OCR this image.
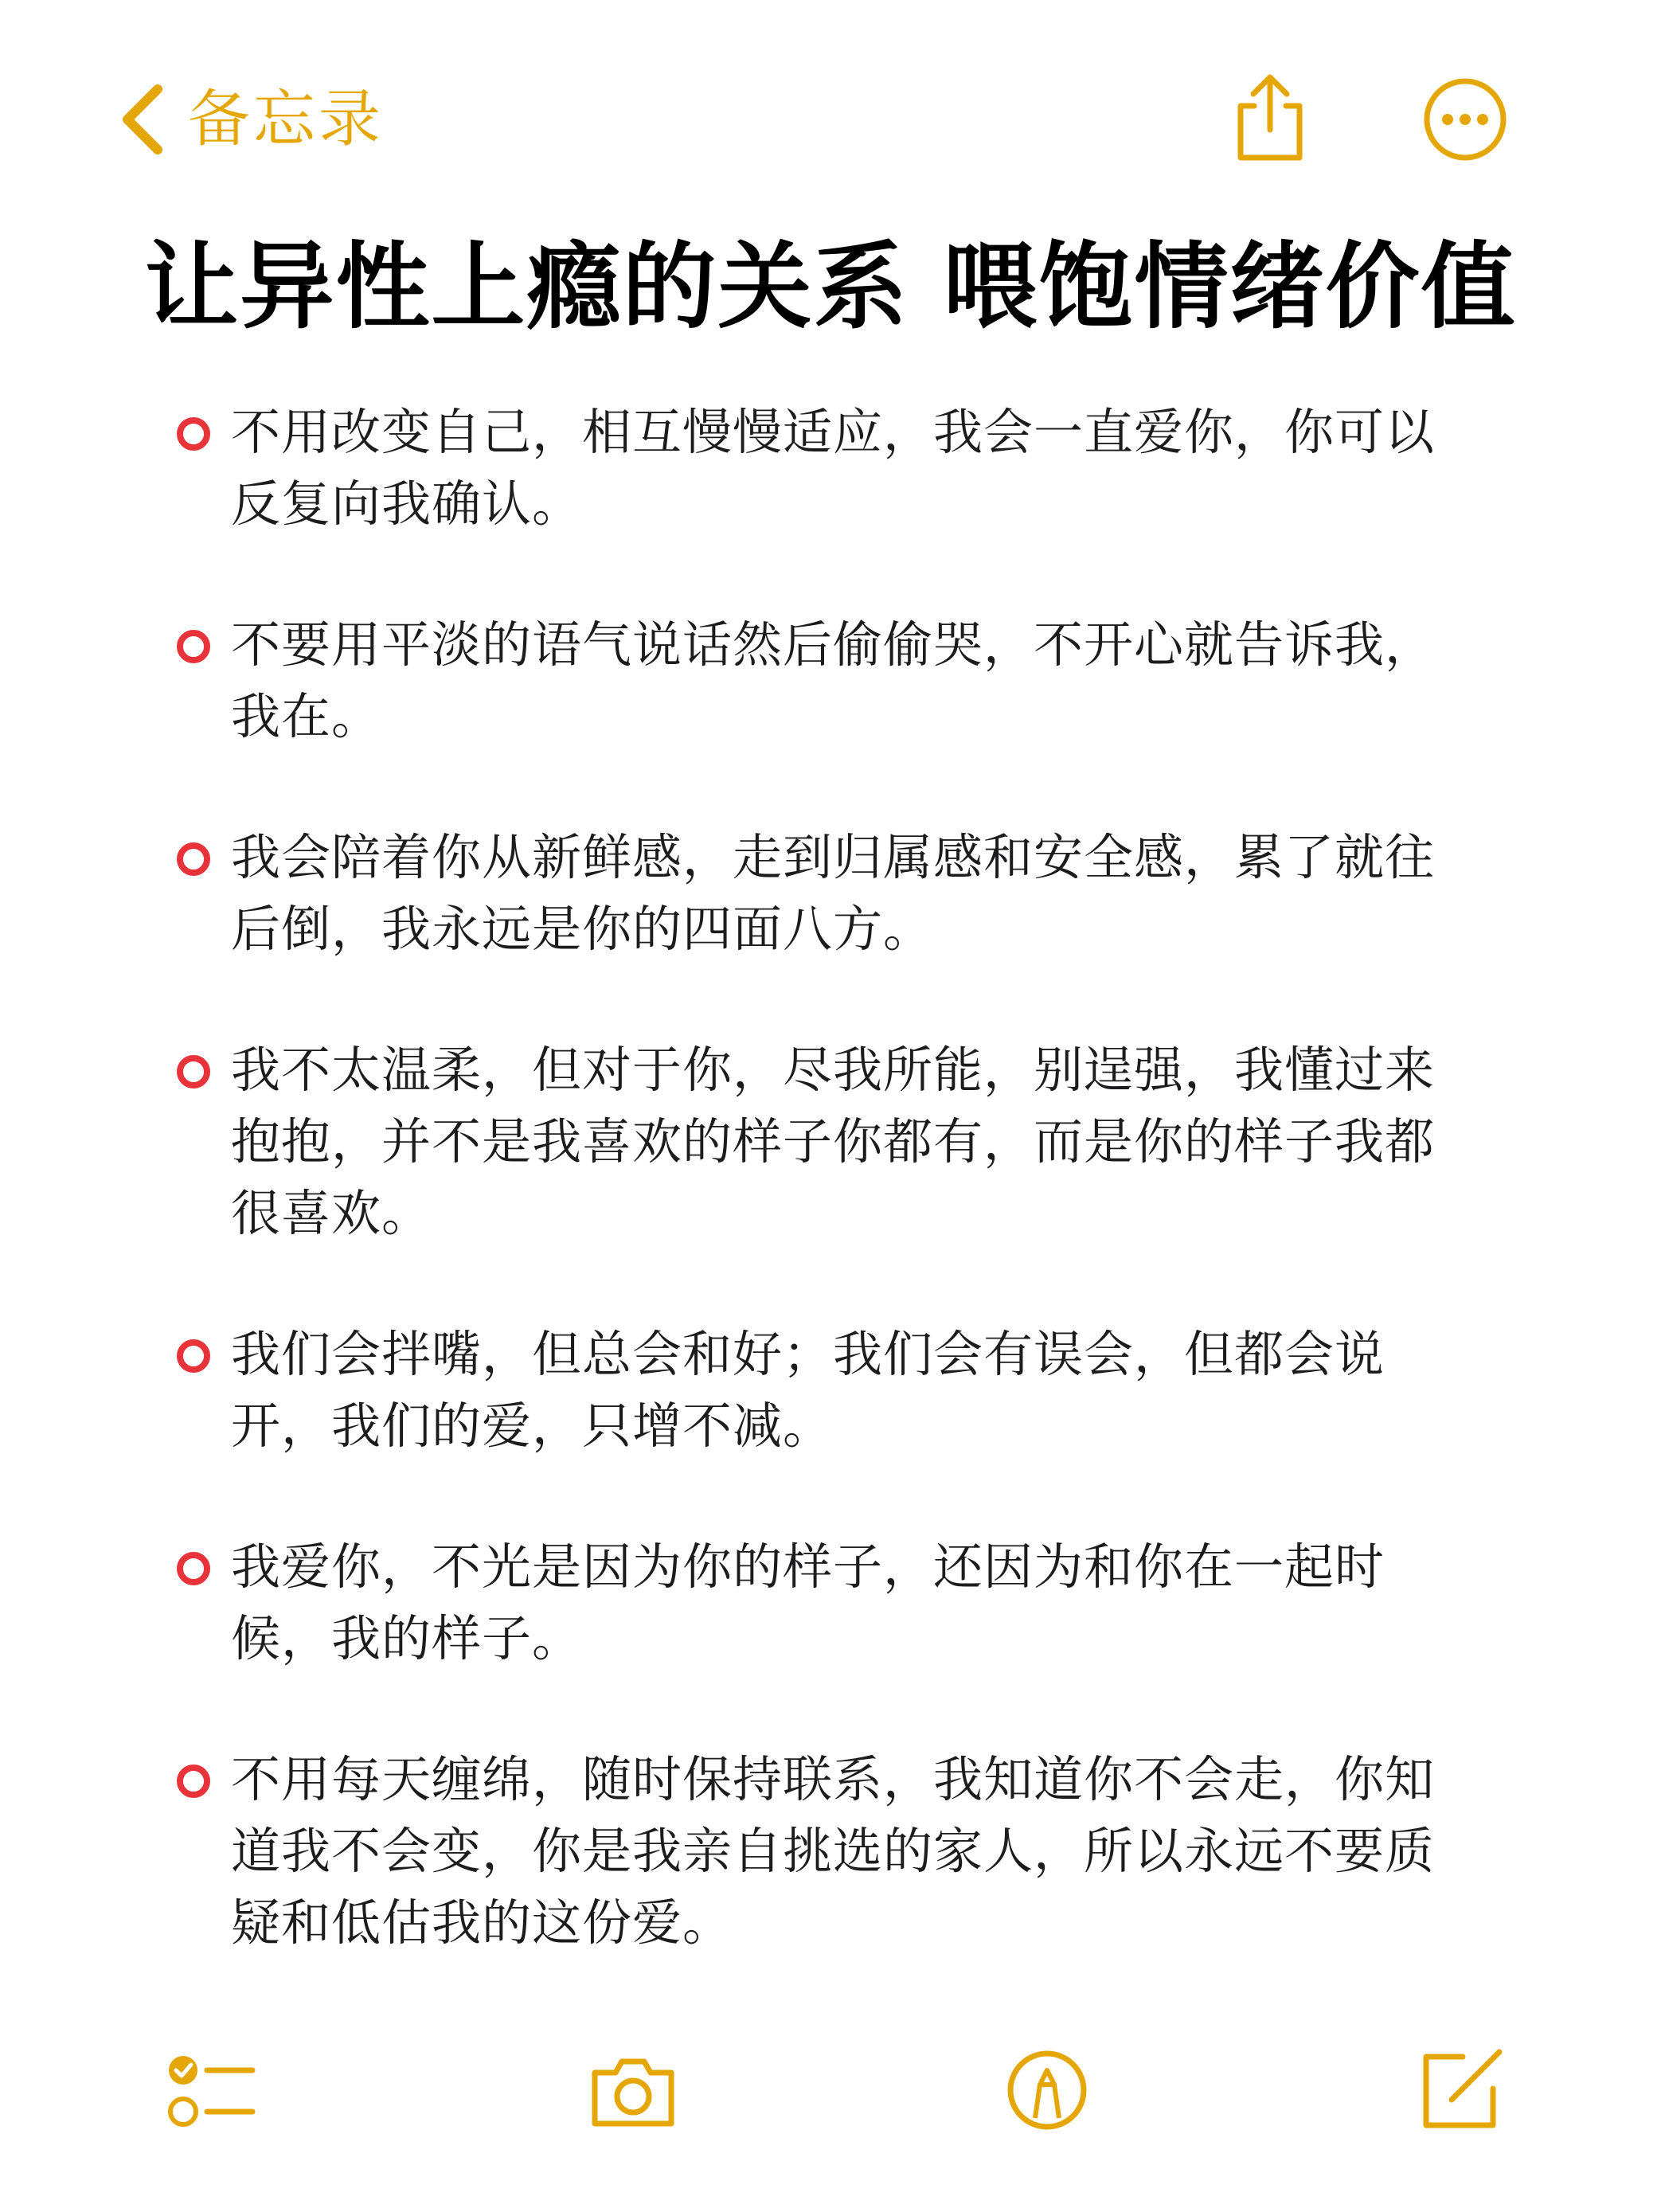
备忘录
让异性上瘾的关系 喂饱情绪价值
不用改变自己，相互慢慢适应，我会一直爱你，你可以反复向我确认。
不要用平淡的语气说话然后偷偷哭，不开心就告诉我，我在。
我会陪着你从新鲜感，走到归属感和安全感，累了就往后倒，我永远是你的四面八方。
我不太温柔，但对于你，尽我所能，别逞强，我懂过来抱抱，并不是我喜欢的样子你都有，而是你的样子我都很喜欢。
我们会拌嘴，但总会和好；我们会有误会，但都会说开，我们的爱，只增不减。
我爱你，不光是因为你的样子，还因为和你在一起时候，我的样子。
不用每天缠绵，随时保持联系，我知道你不会走，你知道我不会变，你是我亲自挑选的家人，所以永远不要质疑和低估我的这份爱。
